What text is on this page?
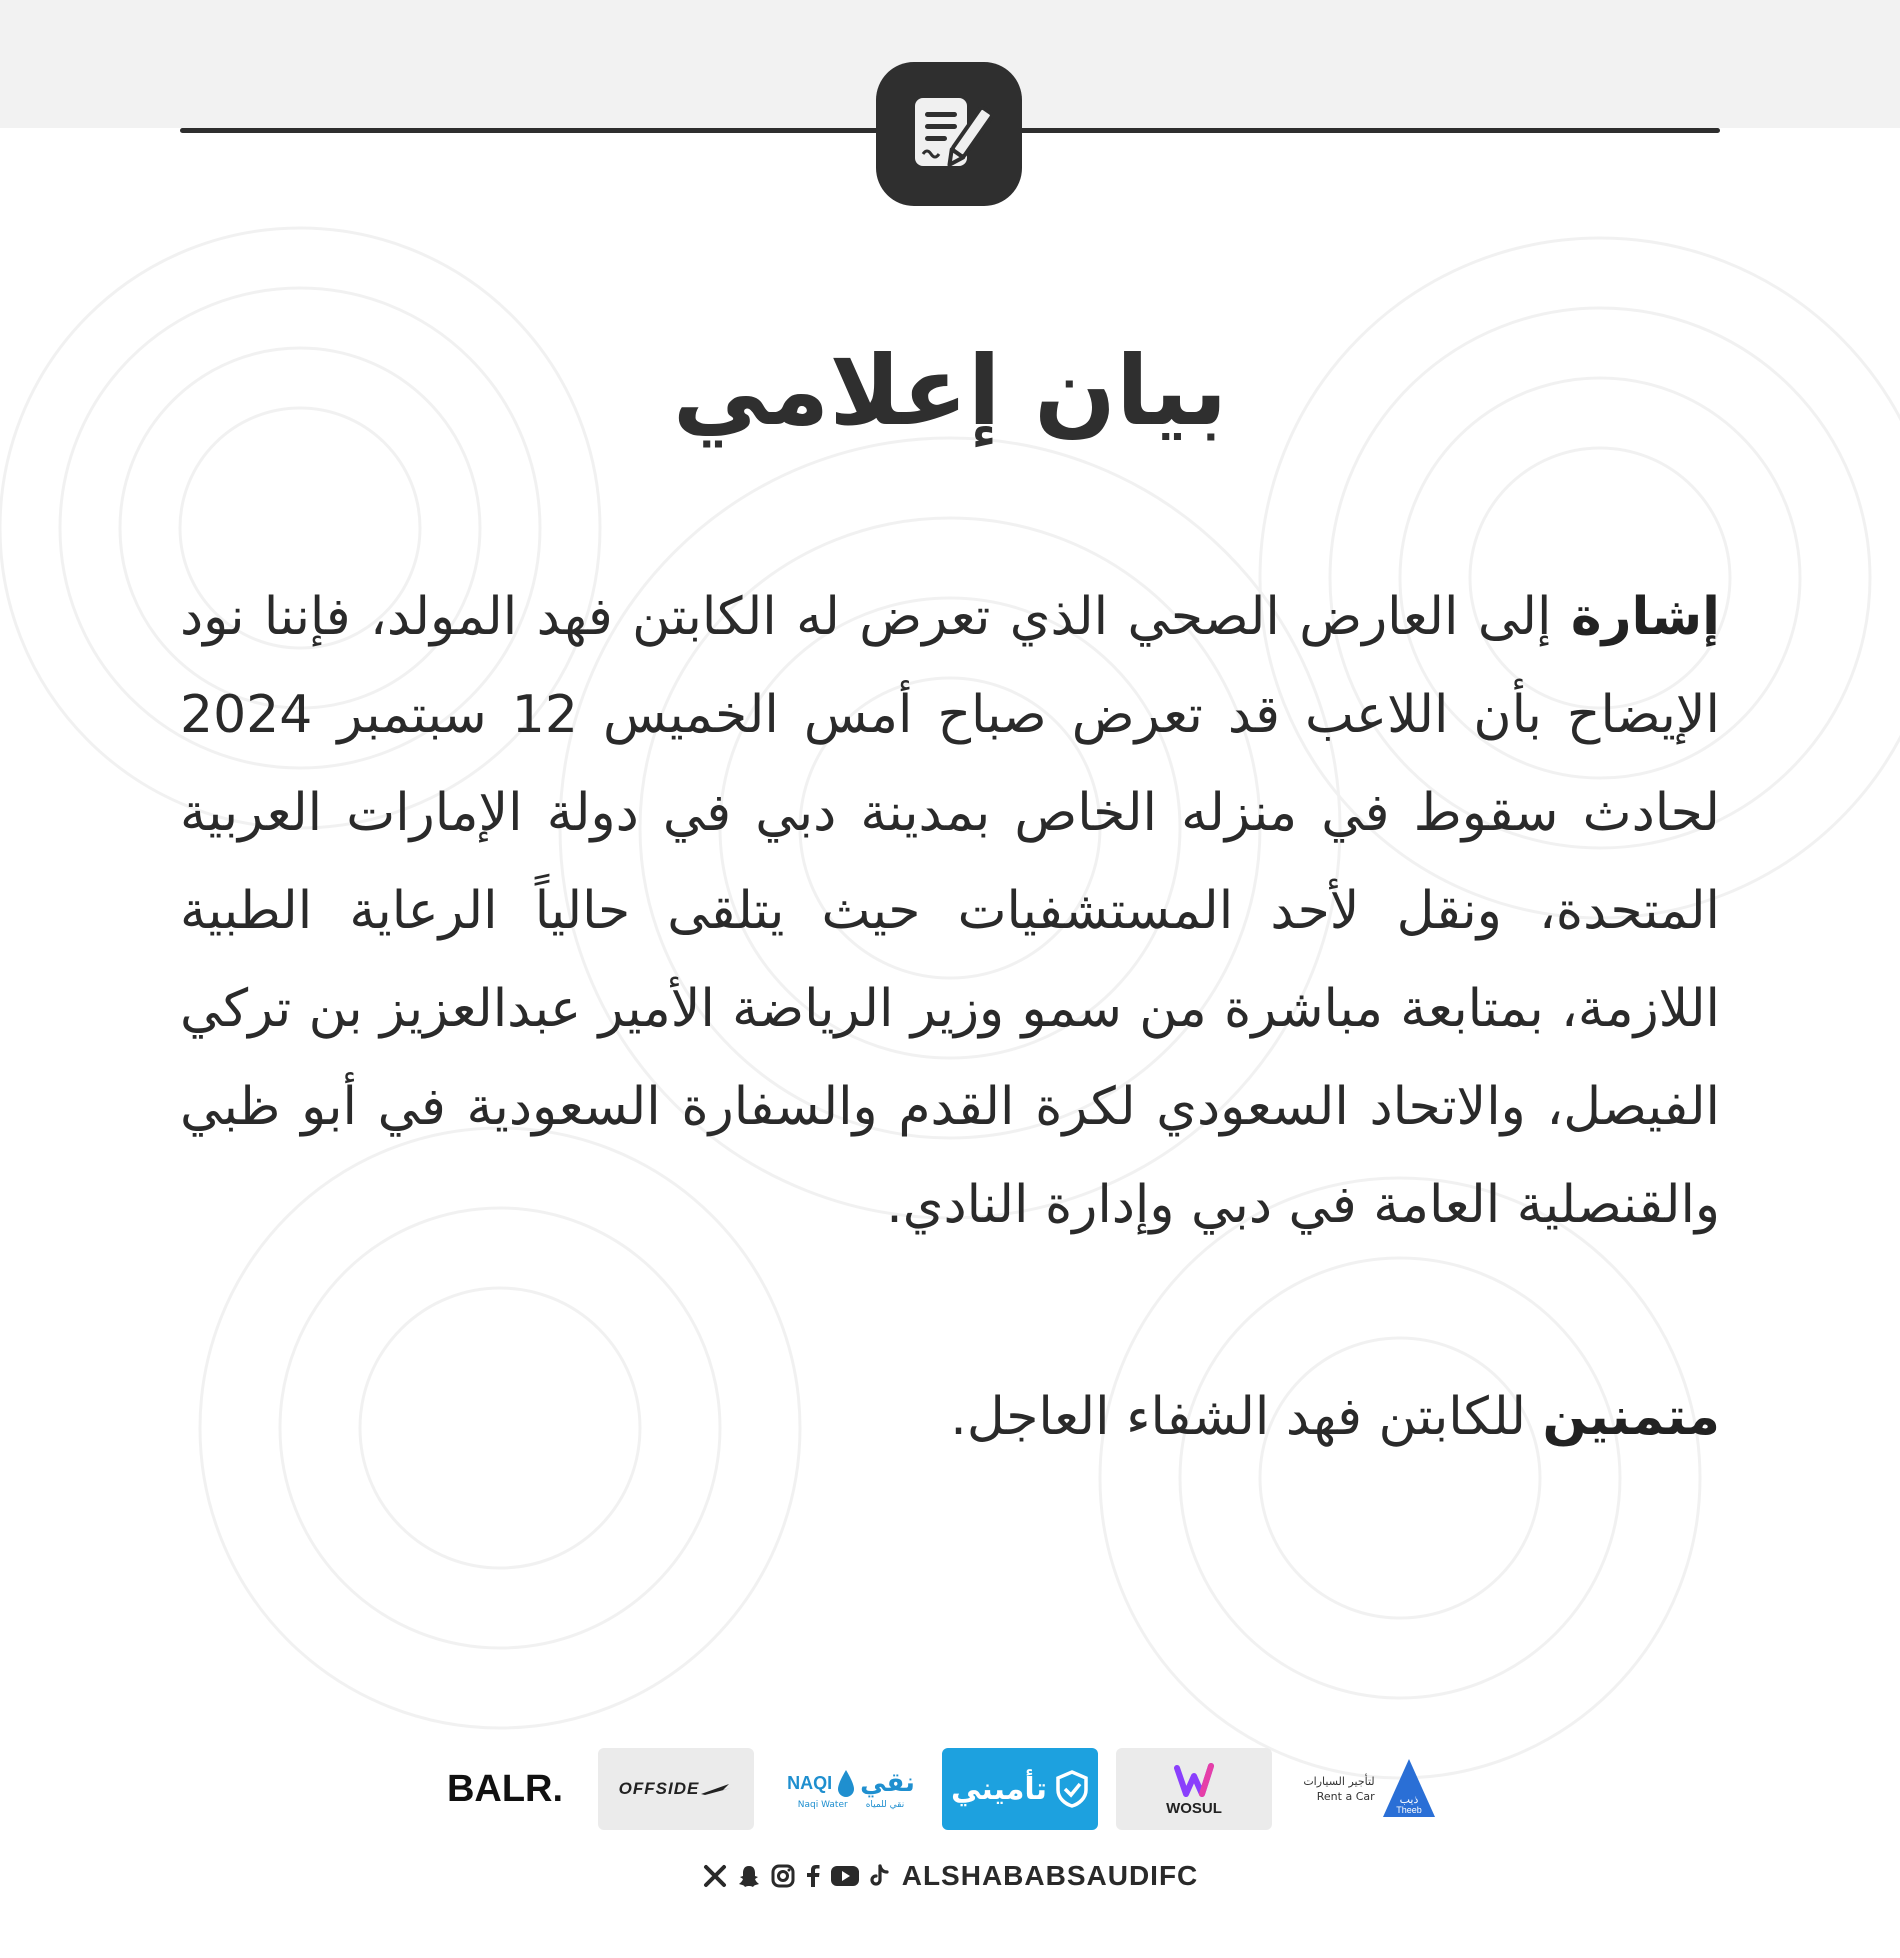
بيان إعلامي

إشارة إلى العارض الصحي الذي تعرض له الكابتن فهد المولد، فإننا نود الإيضاح بأن اللاعب قد تعرض صباح أمس الخميس 12 سبتمبر 2024 لحادث سقوط في منزله الخاص بمدينة دبي في دولة الإمارات العربية المتحدة، ونقل لأحد المستشفيات حيث يتلقى حالياً الرعاية الطبية اللازمة، بمتابعة مباشرة من سمو وزير الرياضة الأمير عبدالعزيز بن تركي الفيصل، والاتحاد السعودي لكرة القدم والسفارة السعودية في أبو ظبي والقنصلية العامة في دبي وإدارة النادي.

متمنين للكابتن فهد الشفاء العاجل.

BALR.	OFFSIDE	NAQI نقي
Naqi Water نقي للمياه تأميني
WOSUL
لتأجير السيارات
Rent a Car ذيب
Theeb
ALSHABABSAUDIFC
